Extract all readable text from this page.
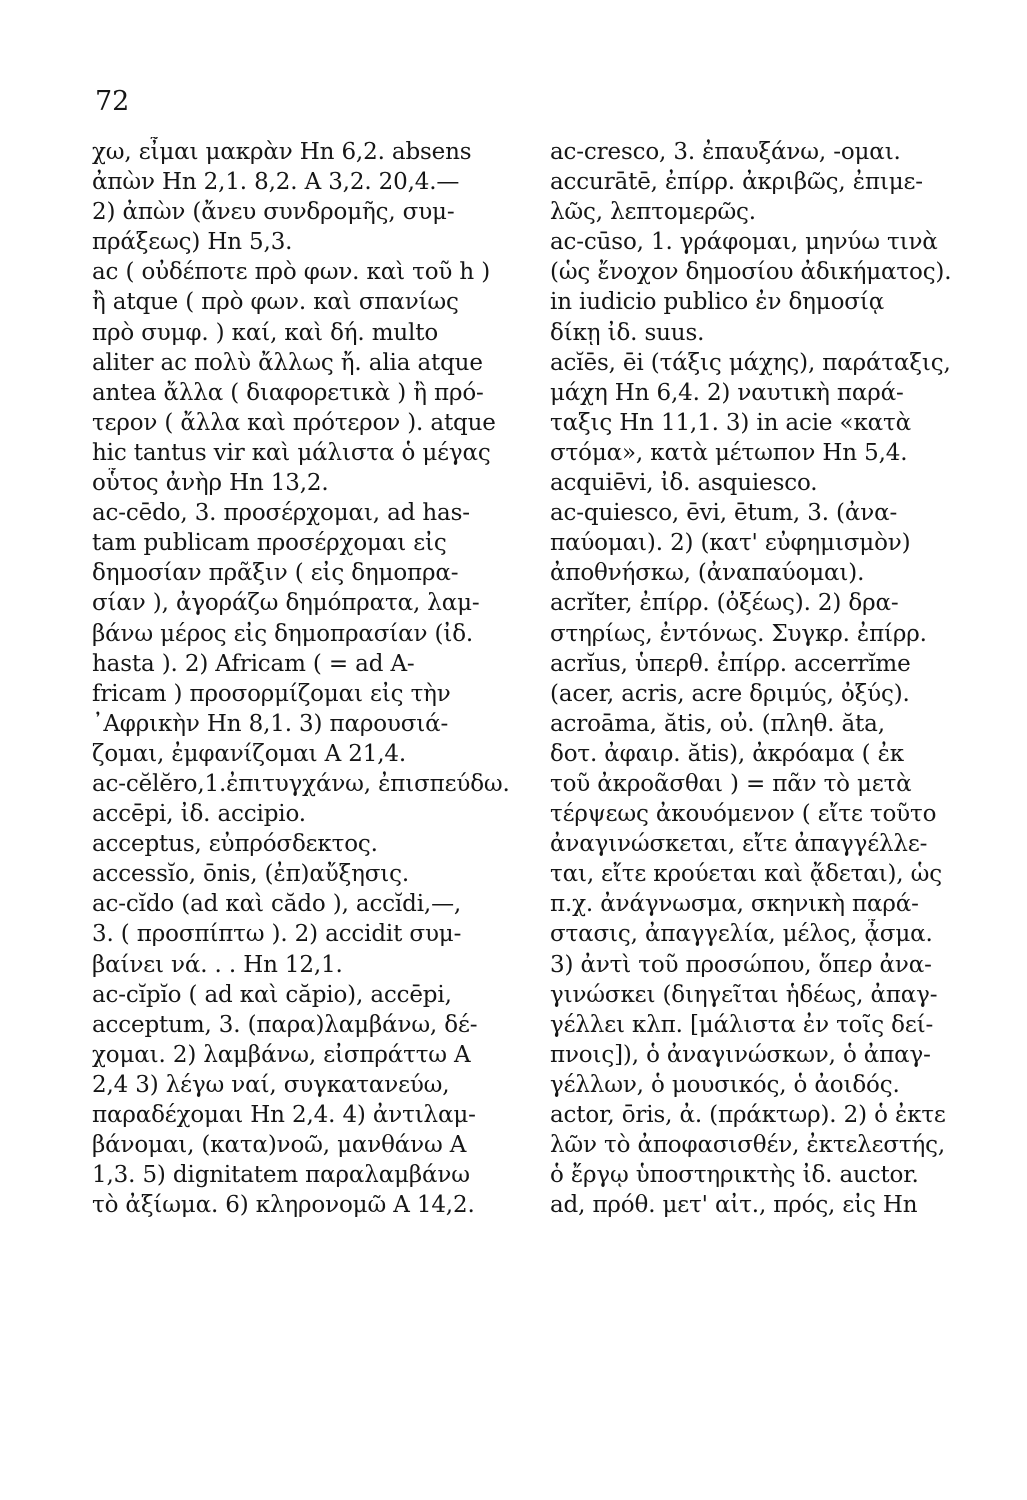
72
χω, εἶμαι μακρὰν Hn 6,2. absens
ἀπὼν Hn 2,1. 8,2. A 3,2. 20,4.—
2) ἀπὼν (ἄνευ συνδρομῆς, συμ-
πράξεως) Hn 5,3.
ac ( οὐδέποτε πρὸ φων. καὶ τοῦ h )
ἢ atque ( πρὸ φων. καὶ σπανίως
πρὸ συμφ. ) καί, καὶ δή. multo
aliter ac πολὺ ἄλλως ἤ. alia atque
antea ἄλλα ( διαφορετικὰ ) ἢ πρό-
τερον ( ἄλλα καὶ πρότερον ). atque
hic tantus vir καὶ μάλιστα ὁ μέγας
οὗτος ἀνὴρ Hn 13,2.
ac-cēdo, 3. προσέρχομαι, ad has-
tam publicam προσέρχομαι εἰς
δημοσίαν πρᾶξιν ( εἰς δημοπρα-
σίαν ), ἀγοράζω δημόπρατα, λαμ-
βάνω μέρος εἰς δημοπρασίαν (ἰδ.
hasta ). 2) Africam ( = ad A-
fricam ) προσορμίζομαι εἰς τὴν
᾿Αφρικὴν Hn 8,1. 3) παρουσιά-
ζομαι, ἐμφανίζομαι A 21,4.
ac-cĕlĕro,1.ἐπιτυγχάνω, ἐπισπεύδω.
accēpi, ἰδ. accipio.
acceptus, εὐπρόσδεκτος.
accessĭo, ōnis, (ἐπ)αὔξησις.
ac-cĭdo (ad καὶ cădo ), accĭdi,—,
3. ( προσπίπτω ). 2) accidit συμ-
βαίνει νά. . . Hn 12,1.
ac-cĭpĭo ( ad καὶ căpio), accēpi,
acceptum, 3. (παρα)λαμβάνω, δέ-
χομαι. 2) λαμβάνω, εἰσπράττω A
2,4 3) λέγω ναί, συγκατανεύω,
παραδέχομαι Hn 2,4. 4) ἀντιλαμ-
βάνομαι, (κατα)νοῶ, μανθάνω A
1,3. 5) dignitatem παραλαμβάνω
τὸ ἀξίωμα. 6) κληρονομῶ A 14,2.
ac-cresco, 3. ἐπαυξάνω, -ομαι.
accurātē, ἐπίρρ. ἀκριβῶς, ἐπιμε-
λῶς, λεπτομερῶς.
ac-cūso, 1. γράφομαι, μηνύω τινὰ
(ὡς ἔνοχον δημοσίου ἀδικήματος).
in iudicio publico ἐν δημοσίᾳ
δίκῃ ἰδ. suus.
acĭēs, ēi (τάξις μάχης), παράταξις,
μάχη Hn 6,4. 2) ναυτικὴ παρά-
ταξις Hn 11,1. 3) in acie «κατὰ
στόμα», κατὰ μέτωπον Hn 5,4.
acquiēvi, ἰδ. asquiesco.
ac-quiesco, ēvi, ētum, 3. (ἀνα-
παύομαι). 2) (κατ' εὐφημισμὸν)
ἀποθνήσκω, (ἀναπαύομαι).
acrĭter, ἐπίρρ. (ὀξέως). 2) δρα-
στηρίως, ἐντόνως. Συγκρ. ἐπίρρ.
acrĭus, ὑπερθ. ἐπίρρ. accerrĭme
(acer, acris, acre δριμύς, ὀξύς).
acroāma, ătis, οὐ. (πληθ. ăta,
δοτ. ἀφαιρ. ătis), ἀκρόαμα ( ἐκ
τοῦ ἀκροᾶσθαι ) = πᾶν τὸ μετὰ
τέρψεως ἀκουόμενον ( εἴτε τοῦτο
ἀναγινώσκεται, εἴτε ἀπαγγέλλε-
ται, εἴτε κρούεται καὶ ᾄδεται), ὡς
π.χ. ἀνάγνωσμα, σκηνικὴ παρά-
στασις, ἀπαγγελία, μέλος, ᾆσμα.
3) ἀντὶ τοῦ προσώπου, ὅπερ ἀνα-
γινώσκει (διηγεῖται ἡδέως, ἀπαγ-
γέλλει κλπ. [μάλιστα ἐν τοῖς δεί-
πνοις]), ὁ ἀναγινώσκων, ὁ ἀπαγ-
γέλλων, ὁ μουσικός, ὁ ἀοιδός.
actor, ōris, ἀ. (πράκτωρ). 2) ὁ ἐκτε
λῶν τὸ ἀποφασισθέν, ἐκτελεστής,
ὁ ἔργῳ ὑποστηρικτὴς ἰδ. auctor.
ad, πρόθ. μετ' αἰτ., πρός, εἰς Hn
